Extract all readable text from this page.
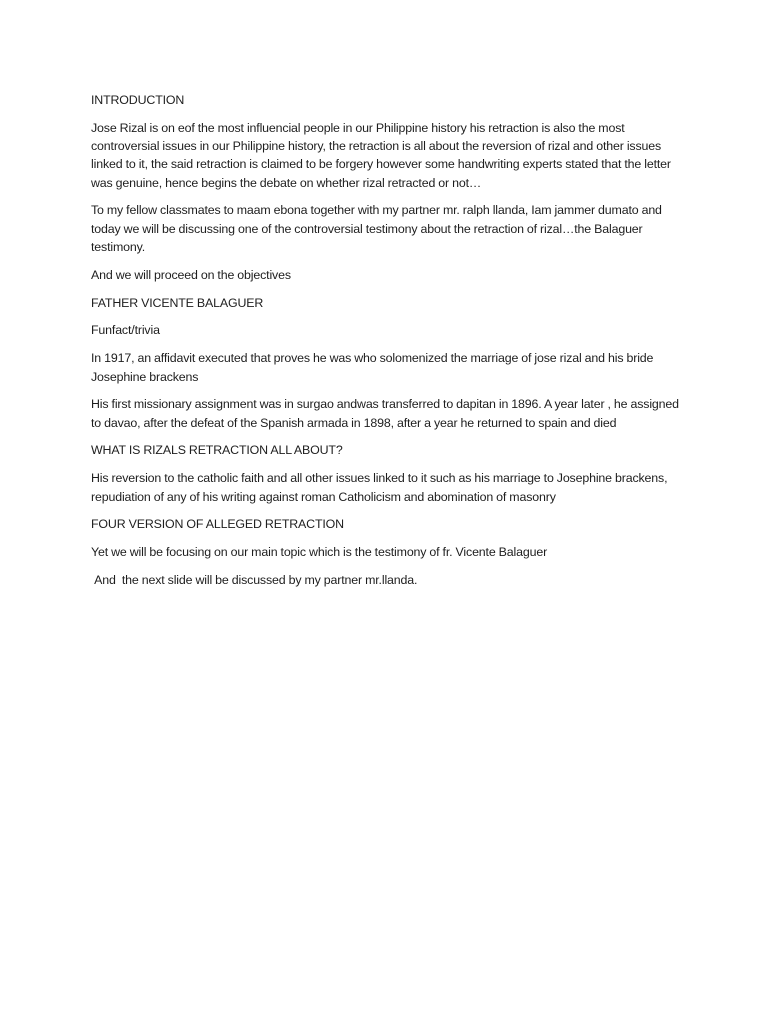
INTRODUCTION

Jose Rizal is on eof the most influencial people in our Philippine history his retraction is also the most controversial issues in our Philippine history, the retraction is all about the reversion of rizal and other issues linked to it, the said retraction is claimed to be forgery however some handwriting experts stated that the letter was genuine, hence begins the debate on whether rizal retracted or not…

To my fellow classmates to maam ebona together with my partner mr. ralph llanda, Iam jammer dumato and today we will be discussing one of the controversial testimony about the retraction of rizal…the Balaguer testimony.

And we will proceed on the objectives

FATHER VICENTE BALAGUER

Funfact/trivia

In 1917, an affidavit executed that proves he was who solomenized the marriage of jose rizal and his bride Josephine brackens

His first missionary assignment was in surgao andwas transferred to dapitan in 1896. A year later , he assigned to davao, after the defeat of the Spanish armada in 1898, after a year he returned to spain and died

WHAT IS RIZALS RETRACTION ALL ABOUT?

His reversion to the catholic faith and all other issues linked to it such as his marriage to Josephine brackens, repudiation of any of his writing against roman Catholicism and abomination of masonry

FOUR VERSION OF ALLEGED RETRACTION

Yet we will be focusing on our main topic which is the testimony of fr. Vicente Balaguer

And  the next slide will be discussed by my partner mr.llanda.
